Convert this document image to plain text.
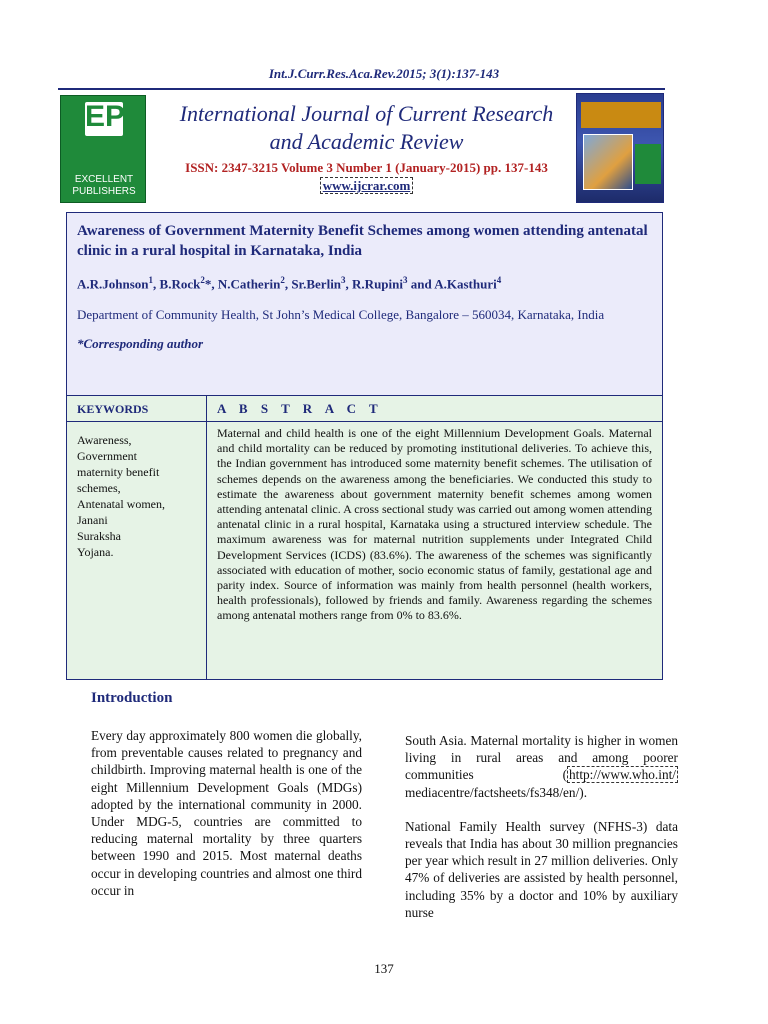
Int.J.Curr.Res.Aca.Rev.2015; 3(1):137-143
EP
EXCELLENT
PUBLISHERS
International Journal of Current Research
and Academic Review
ISSN: 2347-3215 Volume 3 Number 1 (January-2015) pp. 137-143
www.ijcrar.com
Awareness of Government Maternity Benefit Schemes among women attending antenatal clinic in a rural hospital in Karnataka, India
A.R.Johnson$^1$, B.Rock$^2$*, N.Catherin$^2$, Sr.Berlin$^3$, R.Rupini$^3$ and A.Kasthuri$^4$
Department of Community Health, St John’s Medical College, Bangalore – 560034, Karnataka, India
*Corresponding author
KEYWORDS
Awareness,
Government
maternity benefit
schemes,
Antenatal women,
Janani
Suraksha
Yojana.
A B S T R A C T
Maternal and child health is one of the eight Millennium Development Goals. Maternal and child mortality can be reduced by promoting institutional deliveries. To achieve this, the Indian government has introduced some maternity benefit schemes. The utilisation of schemes depends on the awareness among the beneficiaries. We conducted this study to estimate the awareness about government maternity benefit schemes among women attending antenatal clinic. A cross sectional study was carried out among women attending antenatal clinic in a rural hospital, Karnataka using a structured interview schedule. The maximum awareness was for maternal nutrition supplements under Integrated Child Development Services (ICDS) (83.6%). The awareness of the schemes was significantly associated with education of mother, socio economic status of family, gestational age and parity index. Source of information was mainly from health personnel (health workers, health professionals), followed by friends and family. Awareness regarding the schemes among antenatal mothers range from 0% to 83.6%.
Introduction

Every day approximately 800 women die globally, from preventable causes related to pregnancy and childbirth. Improving maternal health is one of the eight Millennium Development Goals (MDGs) adopted by the international community in 2000. Under MDG-5, countries are committed to reducing maternal mortality by three quarters between 1990 and 2015. Most maternal deaths occur in developing countries and almost one third occur in

South Asia. Maternal mortality is higher in women living in rural areas and among poorer communities ( http://www.who.int/ mediacentre/factsheets/fs348/en/).

National Family Health survey (NFHS-3) data reveals that India has about 30 million pregnancies per year which result in 27 million deliveries. Only 47% of deliveries are assisted by health personnel, including 35% by a doctor and 10% by auxiliary nurse

137
